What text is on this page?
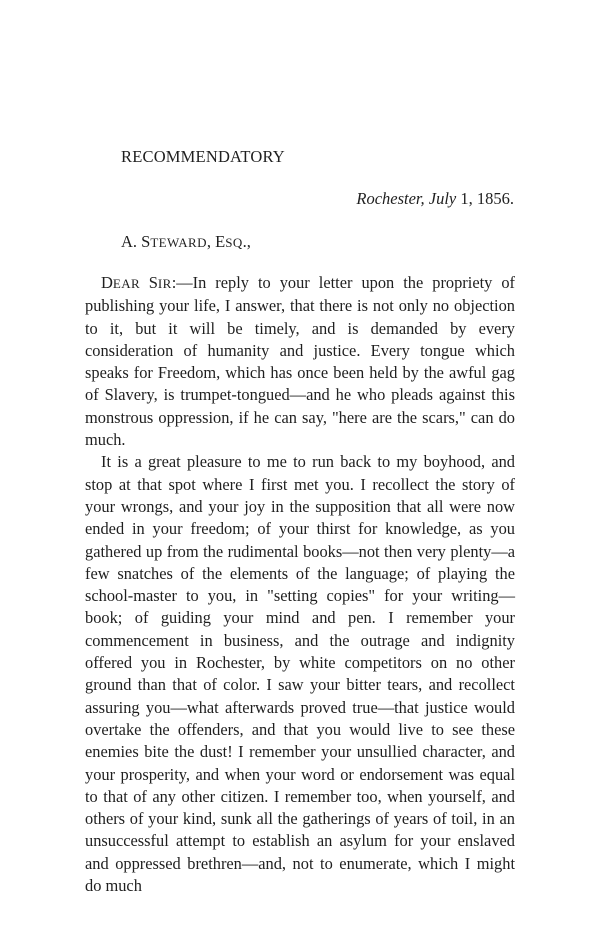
RECOMMENDATORY

Rochester, July 1, 1856.

A. STEWARD, ESQ.,

DEAR SIR:—In reply to your letter upon the propriety of publishing your life, I answer, that there is not only no objection to it, but it will be timely, and is demanded by every consideration of humanity and justice. Every tongue which speaks for Freedom, which has once been held by the awful gag of Slavery, is trumpet-tongued—and he who pleads against this monstrous oppression, if he can say, "here are the scars," can do much.

It is a great pleasure to me to run back to my boyhood, and stop at that spot where I first met you. I recollect the story of your wrongs, and your joy in the supposition that all were now ended in your freedom; of your thirst for knowledge, as you gathered up from the rudimental books—not then very plenty—a few snatches of the elements of the language; of playing the school-master to you, in "setting copies" for your writing— book; of guiding your mind and pen. I remember your commencement in business, and the outrage and indignity offered you in Rochester, by white competitors on no other ground than that of color. I saw your bitter tears, and recollect assuring you—what afterwards proved true—that justice would overtake the offenders, and that you would live to see these enemies bite the dust! I remember your unsullied character, and your prosperity, and when your word or endorsement was equal to that of any other citizen. I remember too, when yourself, and others of your kind, sunk all the gatherings of years of toil, in an unsuccessful attempt to establish an asylum for your enslaved and oppressed brethren—and, not to enumerate, which I might do much
